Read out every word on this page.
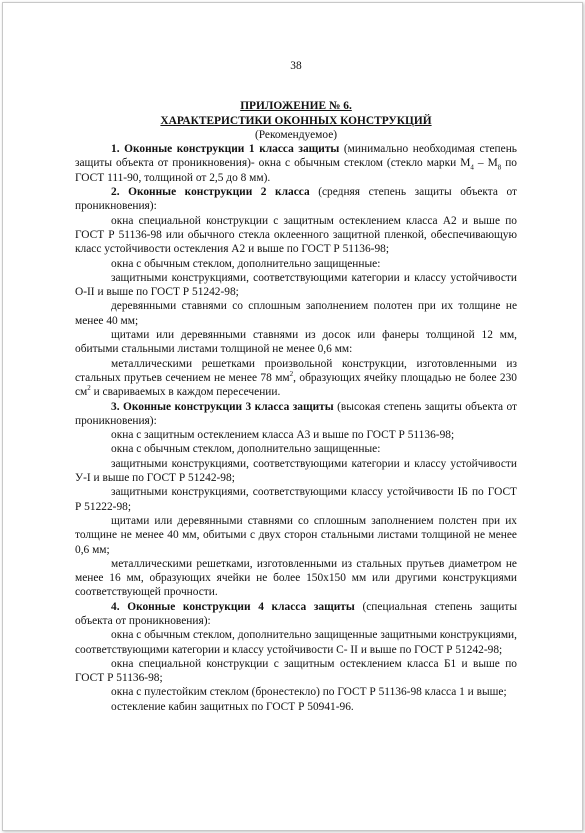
38
ПРИЛОЖЕНИЕ № 6.
ХАРАКТЕРИСТИКИ ОКОННЫХ КОНСТРУКЦИЙ
(Рекомендуемое)

1. Оконные конструкции 1 класса защиты (минимально необходимая степень защиты объекта от проникновения)- окна с обычным стеклом (стекло марки $М_4 - М_8$ по ГОСТ 111-90, толщиной от 2,5 до 8 мм).

2. Оконные конструкции 2 класса (средняя степень защиты объекта от проникновения):

окна специальной конструкции с защитным остеклением класса А2 и выше по ГОСТ Р 51136-98 или обычного стекла оклеенного защитной пленкой, обеспечивающую класс устойчивости остекления А2 и выше по ГОСТ Р 51136-98;

окна с обычным стеклом, дополнительно защищенные:

защитными конструкциями, соответствующими категории и классу устойчивости О-II и выше по ГОСТ Р 51242-98;

деревянными ставнями со сплошным заполнением полотен при их толщине не менее 40 мм;

щитами или деревянными ставнями из досок или фанеры толщиной 12 мм, обитыми стальными листами толщиной не менее 0,6 мм:

металлическими решетками произвольной конструкции, изготовленными из стальных прутьев сечением не менее 78 $мм^2$, образующих ячейку площадью не более 230 $см^2$ и свариваемых в каждом пересечении.

3. Оконные конструкции 3 класса защиты (высокая степень защиты объекта от проникновения):

окна с защитным остеклением класса А3 и выше по ГОСТ Р 51136-98;

окна с обычным стеклом, дополнительно защищенные:

защитными конструкциями, соответствующими категории и классу устойчивости У-I и выше по ГОСТ Р 51242-98;

защитными конструкциями, соответствующими классу устойчивости IБ по ГОСТ Р 51222-98;

щитами или деревянными ставнями со сплошным заполнением полстен при их толщине не менее 40 мм, обитыми с двух сторон стальными листами толщиной не менее 0,6 мм;

металлическими решетками, изготовленными из стальных прутьев диаметром не менее 16 мм, образующих ячейки не более 150х150 мм или другими конструкциями соответствующей прочности.

4. Оконные конструкции 4 класса защиты (специальная степень защиты объекта от проникновения):

окна с обычным стеклом, дополнительно защищенные защитными конструкциями, соответствующими категории и классу устойчивости С- II и выше по ГОСТ Р 51242-98;

окна специальной конструкции с защитным остеклением класса Б1 и выше по ГОСТ Р 51136-98;

окна с пулестойким стеклом (бронестекло) по ГОСТ Р 51136-98 класса 1 и выше;

остекление кабин защитных по ГОСТ Р 50941-96.
